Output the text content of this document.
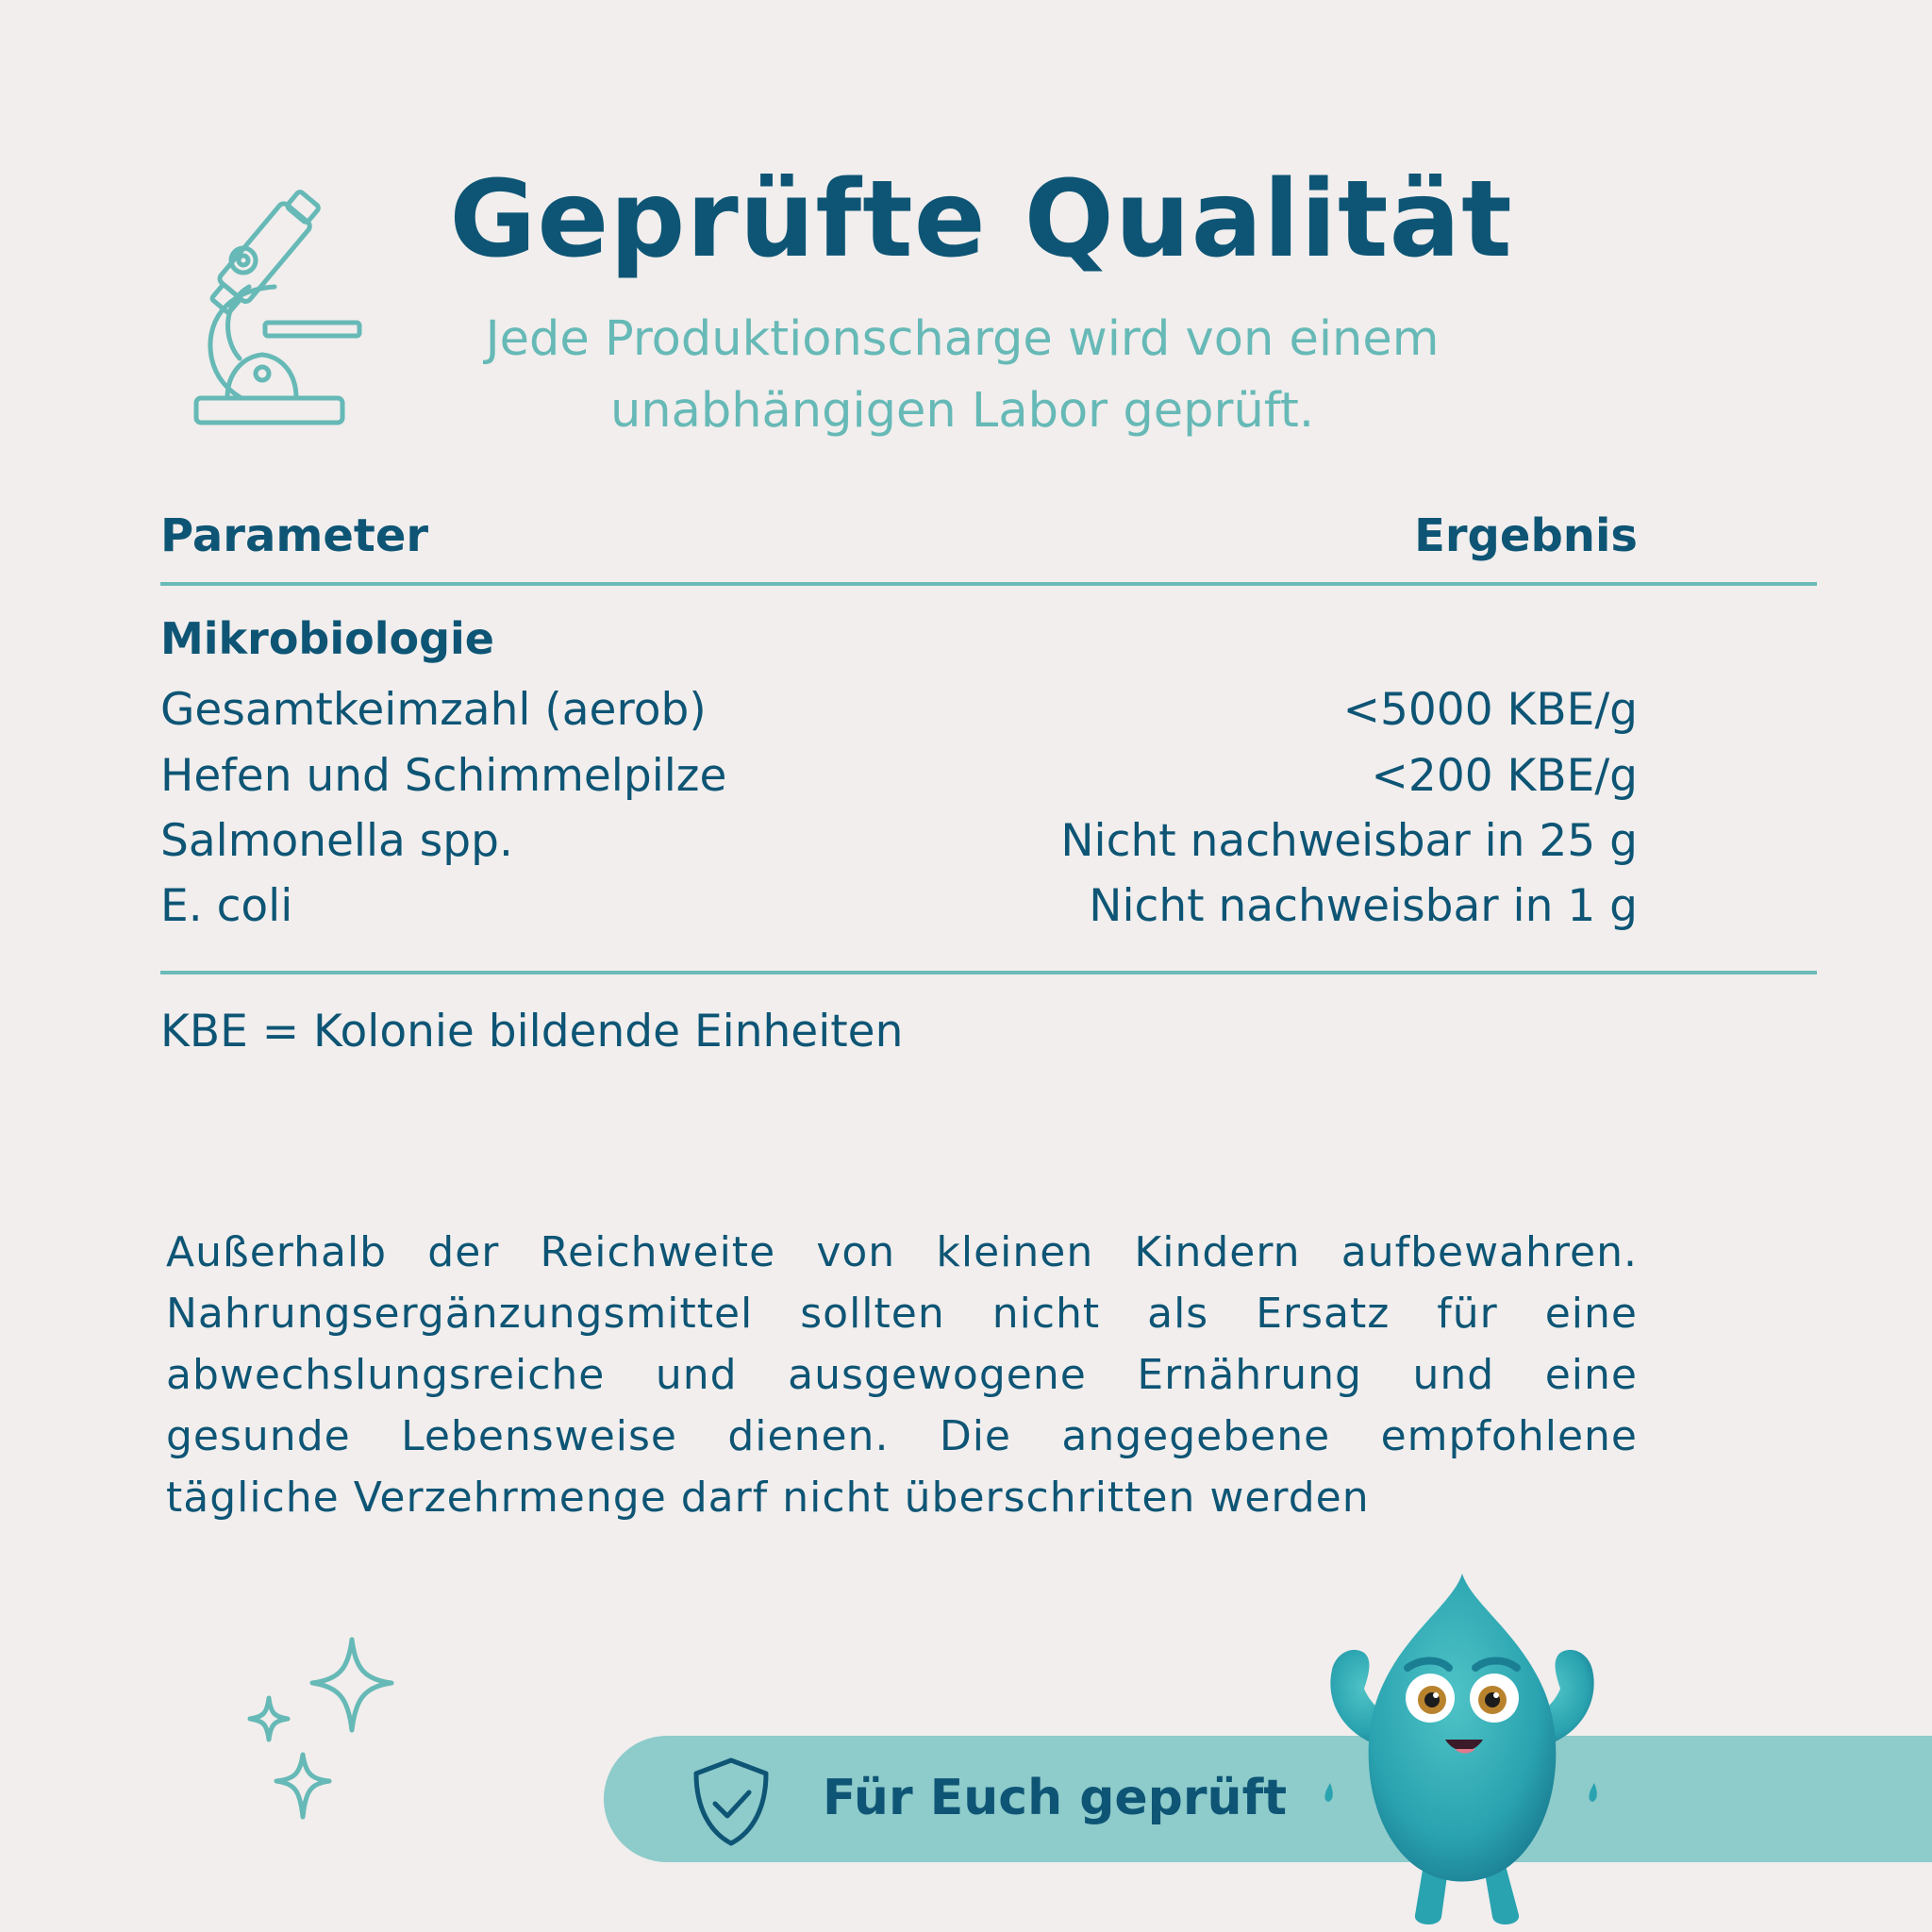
Geprüfte Qualität
Jede Produktionscharge wird von einem
unabhängigen Labor geprüft.
Parameter	Ergebnis
Mikrobiologie
Gesamtkeimzahl (aerob)	<5000 KBE/g
Hefen und Schimmelpilze	<200 KBE/g
Salmonella spp.	Nicht nachweisbar in 25 g
E. coli	Nicht nachweisbar in 1 g
KBE = Kolonie bildende Einheiten
Außerhalb der Reichweite von kleinen Kindern aufbewahren. Nahrungsergänzungsmittel sollten nicht als Ersatz für eine abwechslungsreiche und ausgewogene Ernährung und eine gesunde Lebensweise dienen. Die angegebene empfohlene tägliche Verzehrmenge darf nicht überschritten werden
Für Euch geprüft
